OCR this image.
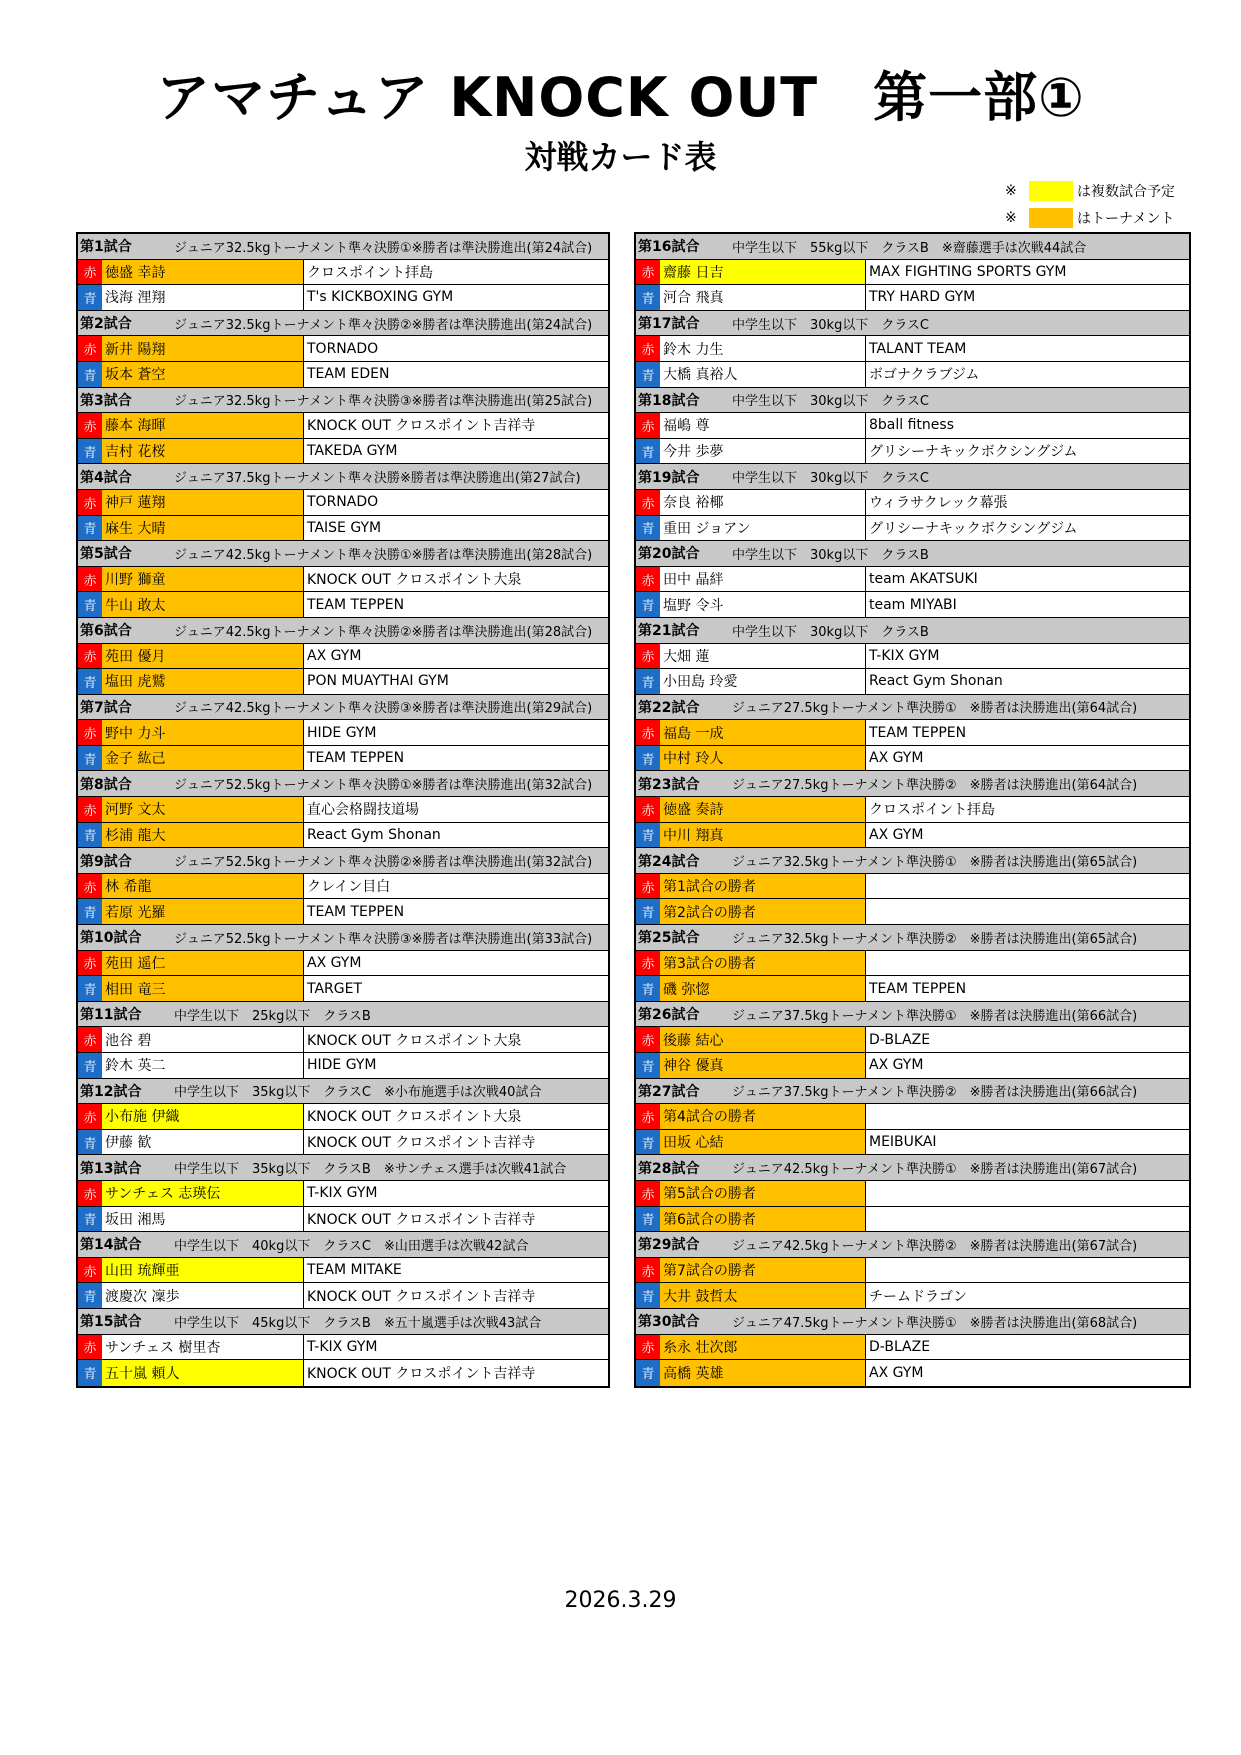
アマチュア KNOCK OUT　第一部①
対戦カード表
※	は複数試合予定
※	はトーナメント
第1試合	ジュニア32.5kgトーナメント準々決勝①※勝者は準決勝進出(第24試合)
赤 徳盛 幸詩	クロスポイント拝島
青 浅海 浬翔	T's KICKBOXING GYM
第2試合	ジュニア32.5kgトーナメント準々決勝②※勝者は準決勝進出(第24試合)
赤 新井 陽翔	TORNADO
青 坂本 蒼空	TEAM EDEN
第3試合	ジュニア32.5kgトーナメント準々決勝③※勝者は準決勝進出(第25試合)
赤 藤本 海暉	KNOCK OUT クロスポイント吉祥寺
青 吉村 花桜	TAKEDA GYM
第4試合	ジュニア37.5kgトーナメント準々決勝※勝者は準決勝進出(第27試合)
赤 神戸 蓮翔	TORNADO
青 麻生 大晴	TAISE GYM
第5試合	ジュニア42.5kgトーナメント準々決勝①※勝者は準決勝進出(第28試合)
赤 川野 獅童	KNOCK OUT クロスポイント大泉
青 牛山 敢太	TEAM TEPPEN
第6試合	ジュニア42.5kgトーナメント準々決勝②※勝者は準決勝進出(第28試合)
赤 苑田 優月	AX GYM
青 塩田 虎鷲	PON MUAYTHAI GYM
第7試合	ジュニア42.5kgトーナメント準々決勝③※勝者は準決勝進出(第29試合)
赤 野中 力斗	HIDE GYM
青 金子 紘己	TEAM TEPPEN
第8試合	ジュニア52.5kgトーナメント準々決勝①※勝者は準決勝進出(第32試合)
赤 河野 文太	直心会格闘技道場
青 杉浦 龍大	React Gym Shonan
第9試合	ジュニア52.5kgトーナメント準々決勝②※勝者は準決勝進出(第32試合)
赤 林 希龍	クレイン目白
青 若原 光羅	TEAM TEPPEN
第10試合	ジュニア52.5kgトーナメント準々決勝③※勝者は準決勝進出(第33試合)
赤 苑田 遥仁	AX GYM
青 相田 竜三	TARGET
第11試合	中学生以下　25kg以下　クラスB
赤 池谷 碧	KNOCK OUT クロスポイント大泉
青 鈴木 英二	HIDE GYM
第12試合	中学生以下　35kg以下　クラスC　※小布施選手は次戦40試合
赤 小布施 伊織	KNOCK OUT クロスポイント大泉
青 伊藤 歓	KNOCK OUT クロスポイント吉祥寺
第13試合	中学生以下　35kg以下　クラスB　※サンチェス選手は次戦41試合
赤 サンチェス 志瑛伝	T-KIX GYM
青 坂田 湘馬	KNOCK OUT クロスポイント吉祥寺
第14試合	中学生以下　40kg以下　クラスC　※山田選手は次戦42試合
赤 山田 琉輝亜	TEAM MITAKE
青 渡慶次 凜歩	KNOCK OUT クロスポイント吉祥寺
第15試合	中学生以下　45kg以下　クラスB　※五十嵐選手は次戦43試合
赤 サンチェス 樹里杏	T-KIX GYM
青 五十嵐 頼人	KNOCK OUT クロスポイント吉祥寺
第16試合	中学生以下　55kg以下　クラスB　※齋藤選手は次戦44試合
赤 齋藤 日吉	MAX FIGHTING SPORTS GYM
青 河合 飛真	TRY HARD GYM
第17試合	中学生以下　30kg以下　クラスC
赤 鈴木 力生	TALANT TEAM
青 大橋 真裕人	ボゴナクラブジム
第18試合	中学生以下　30kg以下　クラスC
赤 福嶋 尊	8ball fitness
青 今井 歩夢	グリシーナキックボクシングジム
第19試合	中学生以下　30kg以下　クラスC
赤 奈良 裕椰	ウィラサクレック幕張
青 重田 ジョアン	グリシーナキックボクシングジム
第20試合	中学生以下　30kg以下　クラスB
赤 田中 晶絆	team AKATSUKI
青 塩野 令斗	team MIYABI
第21試合	中学生以下　30kg以下　クラスB
赤 大畑 蓮	T-KIX GYM
青 小田島 玲愛	React Gym Shonan
第22試合	ジュニア27.5kgトーナメント準決勝①　※勝者は決勝進出(第64試合)
赤 福島 一成	TEAM TEPPEN
青 中村 玲人	AX GYM
第23試合	ジュニア27.5kgトーナメント準決勝②　※勝者は決勝進出(第64試合)
赤 徳盛 奏詩	クロスポイント拝島
青 中川 翔真	AX GYM
第24試合	ジュニア32.5kgトーナメント準決勝①　※勝者は決勝進出(第65試合)
赤 第1試合の勝者
青 第2試合の勝者
第25試合	ジュニア32.5kgトーナメント準決勝②　※勝者は決勝進出(第65試合)
赤 第3試合の勝者
青 磯 弥惚	TEAM TEPPEN
第26試合	ジュニア37.5kgトーナメント準決勝①　※勝者は決勝進出(第66試合)
赤 後藤 結心	D-BLAZE
青 神谷 優真	AX GYM
第27試合	ジュニア37.5kgトーナメント準決勝②　※勝者は決勝進出(第66試合)
赤 第4試合の勝者
青 田坂 心結	MEIBUKAI
第28試合	ジュニア42.5kgトーナメント準決勝①　※勝者は決勝進出(第67試合)
赤 第5試合の勝者
青 第6試合の勝者
第29試合	ジュニア42.5kgトーナメント準決勝②　※勝者は決勝進出(第67試合)
赤 第7試合の勝者
青 大井 鼓哲太	チームドラゴン
第30試合	ジュニア47.5kgトーナメント準決勝①　※勝者は決勝進出(第68試合)
赤 糸永 壮次郎	D-BLAZE
青 高橋 英雄	AX GYM
2026.3.29
